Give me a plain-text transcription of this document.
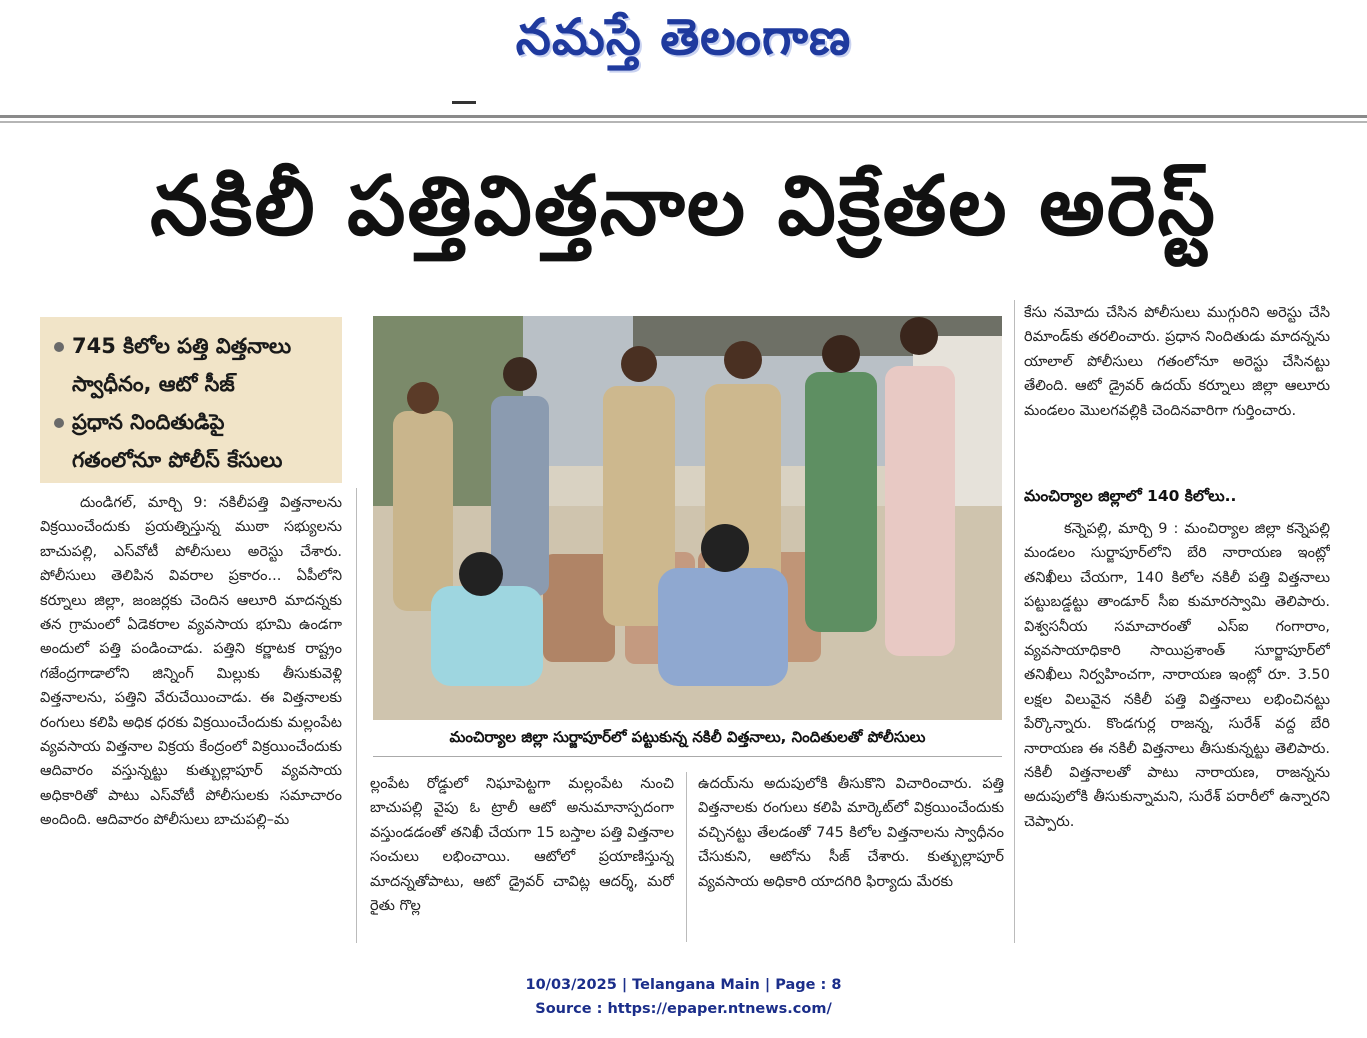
నమస్తే తెలంగాణ
నకిలీ పత్తివిత్తనాల విక్రేతల అరెస్ట్
745 కిలోల పత్తి విత్తనాలు
స్వాధీనం, ఆటో సీజ్
ప్రధాన నిందితుడిపై
గతంలోనూ పోలీస్ కేసులు

దుండిగల్, మార్చి 9: నకిలీపత్తి విత్తనాలను విక్రయించేందుకు ప్రయత్నిస్తున్న ముఠా సభ్యులను బాచుపల్లి, ఎస్‌వోటీ పోలీసులు అరెస్టు చేశారు. పోలీసులు తెలిపిన వివరాల ప్రకారం... ఏపీలోని కర్నూలు జిల్లా, జంజర్లకు చెందిన ఆలూరి మాదన్నకు తన గ్రామంలో ఏడెకరాల వ్యవసాయ భూమి ఉండగా అందులో పత్తి పండించాడు. పత్తిని కర్ణాటక రాష్ట్రం గజేంద్రగాడాలోని జిన్నింగ్ మిల్లుకు తీసుకువెళ్లి విత్తనాలను, పత్తిని వేరుచేయించాడు. ఈ విత్తనాలకు రంగులు కలిపి అధిక ధరకు విక్రయించేందుకు మల్లంపేట వ్యవసాయ విత్తనాల విక్రయ కేంద్రంలో విక్రయించేందుకు ఆదివారం వస్తున్నట్టు కుత్బుల్లాపూర్ వ్యవసాయ అధికారితో పాటు ఎస్‌వోటీ పోలీసులకు సమాచారం అందింది. ఆదివారం పోలీసులు బాచుపల్లి–మ

మంచిర్యాల జిల్లా సుర్జాపూర్‌లో పట్టుకున్న నకిలీ విత్తనాలు, నిందితులతో పోలీసులు

ల్లంపేట రోడ్డులో నిఘాపెట్టగా మల్లంపేట నుంచి బాచుపల్లి వైపు ఓ ట్రాలీ ఆటో అనుమానాస్పదంగా వస్తుండడంతో తనిఖీ చేయగా 15 బస్తాల పత్తి విత్తనాల సంచులు లభించాయి. ఆటోలో ప్రయాణిస్తున్న మాదన్నతోపాటు, ఆటో డ్రైవర్ చావిట్ల ఆదర్శ్, మరో రైతు గొల్ల

ఉదయ్‌ను అదుపులోకి తీసుకొని విచారించారు. పత్తి విత్తనాలకు రంగులు కలిపి మార్కెట్‌లో విక్రయించేందుకు వచ్చినట్టు తేలడంతో 745 కిలోల విత్తనాలను స్వాధీనం చేసుకుని, ఆటోను సీజ్ చేశారు. కుత్బుల్లాపూర్ వ్యవసాయ అధికారి యాదగిరి ఫిర్యాదు మేరకు

కేసు నమోదు చేసిన పోలీసులు ముగ్గురిని అరెస్టు చేసి రిమాండ్‌కు తరలించారు. ప్రధాన నిందితుడు మాదన్నను యాలాల్ పోలీసులు గతంలోనూ అరెస్టు చేసినట్టు తేలింది. ఆటో డ్రైవర్ ఉదయ్ కర్నూలు జిల్లా ఆలూరు మండలం మొలగవల్లికి చెందినవారిగా గుర్తించారు.

మంచిర్యాల జిల్లాలో 140 కిలోలు..

కన్నెపల్లి, మార్చి 9 : మంచిర్యాల జిల్లా కన్నెపల్లి మండలం సుర్జాపూర్‌లోని బేరి నారాయణ ఇంట్లో తనిఖీలు చేయగా, 140 కిలోల నకిలీ పత్తి విత్తనాలు పట్టుబడ్డట్టు తాండూర్ సీఐ కుమారస్వామి తెలిపారు. విశ్వసనీయ సమాచారంతో ఎస్ఐ గంగారాం, వ్యవసాయాధికారి సాయిప్రశాంత్ సూర్జాపూర్‌లో తనిఖీలు నిర్వహించగా, నారాయణ ఇంట్లో రూ. 3.50 లక్షల విలువైన నకిలీ పత్తి విత్తనాలు లభించినట్టు పేర్కొన్నారు. కొండగుర్ల రాజన్న, సురేశ్ వద్ద బేరి నారాయణ ఈ నకిలీ విత్తనాలు తీసుకున్నట్టు తెలిపారు. నకిలీ విత్తనాలతో పాటు నారాయణ, రాజన్నను అదుపులోకి తీసుకున్నామని, సురేశ్ పరారీలో ఉన్నారని చెప్పారు.

10/03/2025 | Telangana Main | Page : 8
Source : https://epaper.ntnews.com/
